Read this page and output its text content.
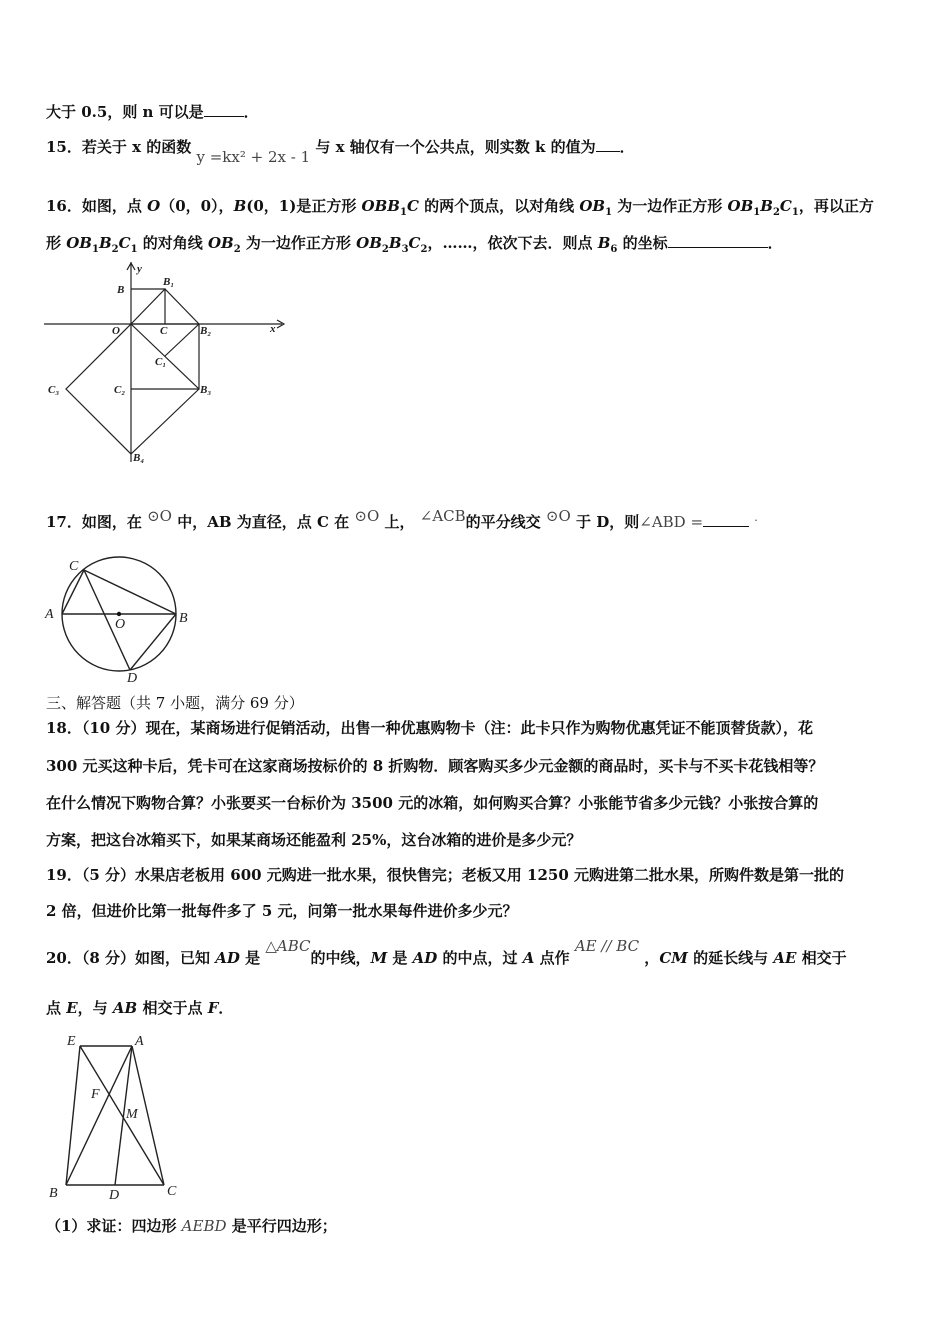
大于 0.5，则 n 可以是	．
15．若关于 x 的函数 y =kx² + 2x - 1 与 x 轴仅有一个公共点，则实数 k 的值为 ．
16．如图，点 O（0，0），B(0，1)是正方形 $OBB_1C$ 的两个顶点，以对角线 $OB_1$ 为一边作正方形 $OB_1B_2C_1$，再以正方
形 $OB_1B_2C_1$ 的对角线 $OB_2$ 为一边作正方形 $OB_2B_3C_2$，……，依次下去．则点 $B_6$ 的坐标	．
y
x
B
B₁
O	C	B₂
C₁
C₃	C₂	B₃
B₄
17．如图，在 ⊙O 中，AB 为直径，点 C 在 ⊙O 上， ∠ACB的平分线交 ⊙O 于 D，则∠ABD =	.
C
A
O	B
D
三、解答题（共 7 小题，满分 69 分）
18．（10 分）现在，某商场进行促销活动，出售一种优惠购物卡（注：此卡只作为购物优惠凭证不能顶替货款），花
300 元买这种卡后，凭卡可在这家商场按标价的 8 折购物．顾客购买多少元金额的商品时，买卡与不买卡花钱相等？
在什么情况下购物合算？小张要买一台标价为 3500 元的冰箱，如何购买合算？小张能节省多少元钱？小张按合算的
方案，把这台冰箱买下，如果某商场还能盈利 25%，这台冰箱的进价是多少元？
19．（5 分）水果店老板用 600 元购进一批水果，很快售完；老板又用 1250 元购进第二批水果，所购件数是第一批的
2 倍，但进价比第一批每件多了 5 元，问第一批水果每件进价多少元？
20．（8 分）如图，已知 AD 是 △ABC的中线，M 是 AD 的中点，过 A 点作 AE // BC ，CM 的延长线与 AE 相交于
点 E，与 AB 相交于点 F．
E	A
F
M
B	D	C
（1）求证：四边形 AEBD 是平行四边形；
